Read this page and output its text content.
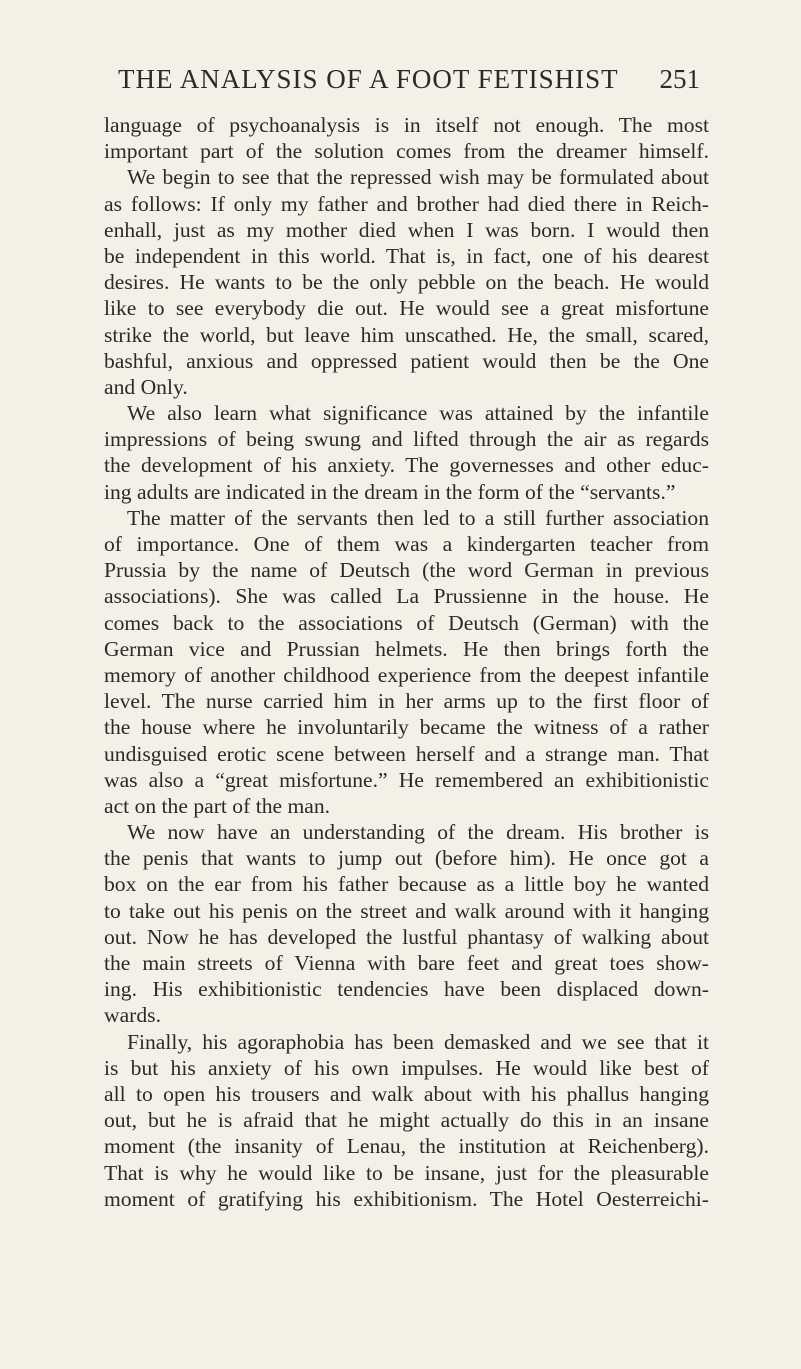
THE ANALYSIS OF A FOOT FETISHIST 251
language of psychoanalysis is in itself not enough. The most
important part of the solution comes from the dreamer himself.
We begin to see that the repressed wish may be formulated about
as follows: If only my father and brother had died there in Reich-
enhall, just as my mother died when I was born. I would then
be independent in this world. That is, in fact, one of his dearest
desires. He wants to be the only pebble on the beach. He would
like to see everybody die out. He would see a great misfortune
strike the world, but leave him unscathed. He, the small, scared,
bashful, anxious and oppressed patient would then be the One
and Only.
We also learn what significance was attained by the infantile
impressions of being swung and lifted through the air as regards
the development of his anxiety. The governesses and other educ-
ing adults are indicated in the dream in the form of the “servants.”
The matter of the servants then led to a still further association
of importance. One of them was a kindergarten teacher from
Prussia by the name of Deutsch (the word German in previous
associations). She was called La Prussienne in the house. He
comes back to the associations of Deutsch (German) with the
German vice and Prussian helmets. He then brings forth the
memory of another childhood experience from the deepest infantile
level. The nurse carried him in her arms up to the first floor of
the house where he involuntarily became the witness of a rather
undisguised erotic scene between herself and a strange man. That
was also a “great misfortune.” He remembered an exhibitionistic
act on the part of the man.
We now have an understanding of the dream. His brother is
the penis that wants to jump out (before him). He once got a
box on the ear from his father because as a little boy he wanted
to take out his penis on the street and walk around with it hanging
out. Now he has developed the lustful phantasy of walking about
the main streets of Vienna with bare feet and great toes show-
ing. His exhibitionistic tendencies have been displaced down-
wards.
Finally, his agoraphobia has been demasked and we see that it
is but his anxiety of his own impulses. He would like best of
all to open his trousers and walk about with his phallus hanging
out, but he is afraid that he might actually do this in an insane
moment (the insanity of Lenau, the institution at Reichenberg).
That is why he would like to be insane, just for the pleasurable
moment of gratifying his exhibitionism. The Hotel Oesterreichi-
